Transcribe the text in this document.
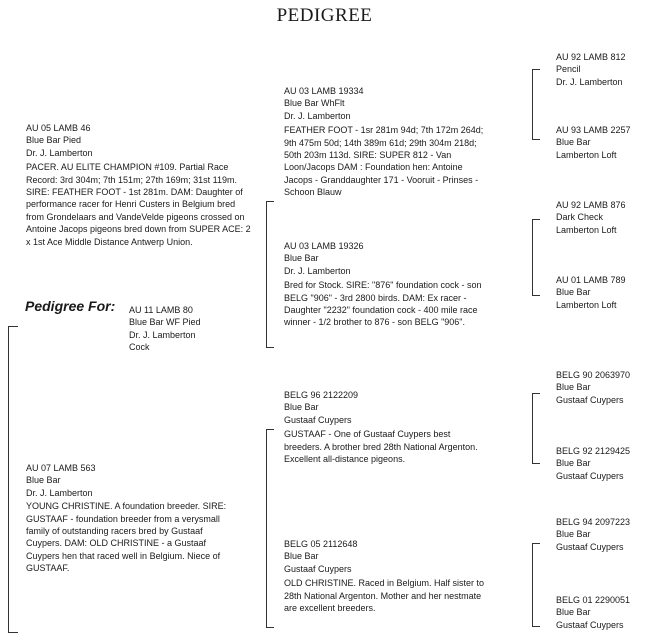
PEDIGREE
Pedigree For: AU 11 LAMB 80
Blue Bar WF Pied
Dr. J. Lamberton
Cock
AU 05 LAMB 46
Blue Bar Pied
Dr. J. Lamberton
PACER. AU ELITE CHAMPION #109. Partial Race Record: 3rd 304m; 7th 151m; 27th 169m; 31st 119m. SIRE: FEATHER FOOT - 1st 281m. DAM: Daughter of performance racer for Henri Custers in Belgium bred from Grondelaars and VandeVelde pigeons crossed on Antoine Jacops pigeons bred down from SUPER ACE: 2 x 1st Ace Middle Distance Antwerp Union.
AU 07 LAMB 563
Blue Bar
Dr. J. Lamberton
YOUNG CHRISTINE. A foundation breeder. SIRE: GUSTAAF - foundation breeder from a verysmall family of outstanding racers bred by Gustaaf Cuypers. DAM: OLD CHRISTINE - a Gustaaf Cuypers hen that raced well in Belgium. Niece of GUSTAAF.
AU 03 LAMB 19334
Blue Bar WhFlt
Dr. J. Lamberton
FEATHER FOOT - 1sr 281m 94d; 7th 172m 264d; 9th 475m 50d; 14th 389m 61d; 29th 304m 218d; 50th 203m 113d. SIRE: SUPER 812 - Van Loon/Jacops DAM : Foundation hen: Antoine Jacops - Granddaughter 171 - Vooruit - Prinses - Schoon Blauw
AU 03 LAMB 19326
Blue Bar
Dr. J. Lamberton
Bred for Stock. SIRE: "876" foundation cock - son BELG "906" - 3rd 2800 birds. DAM: Ex racer - Daughter "2232" foundation cock - 400 mile race winner - 1/2 brother to 876 - son BELG "906".
BELG 96 2122209
Blue Bar
Gustaaf Cuypers
GUSTAAF - One of Gustaaf Cuypers best breeders. A brother bred 28th National Argenton. Excellent all-distance pigeons.
BELG 05 2112648
Blue Bar
Gustaaf Cuypers
OLD CHRISTINE. Raced in Belgium. Half sister to 28th National Argenton. Mother and her nestmate are excellent breeders.
AU 92 LAMB 812
Pencil
Dr. J. Lamberton
AU 93 LAMB 2257
Blue Bar
Lamberton Loft
AU 92 LAMB 876
Dark Check
Lamberton Loft
AU 01 LAMB 789
Blue Bar
Lamberton Loft
BELG 90 2063970
Blue Bar
Gustaaf Cuypers
BELG 92 2129425
Blue Bar
Gustaaf Cuypers
BELG 94 2097223
Blue Bar
Gustaaf Cuypers
BELG 01 2290051
Blue Bar
Gustaaf Cuypers
